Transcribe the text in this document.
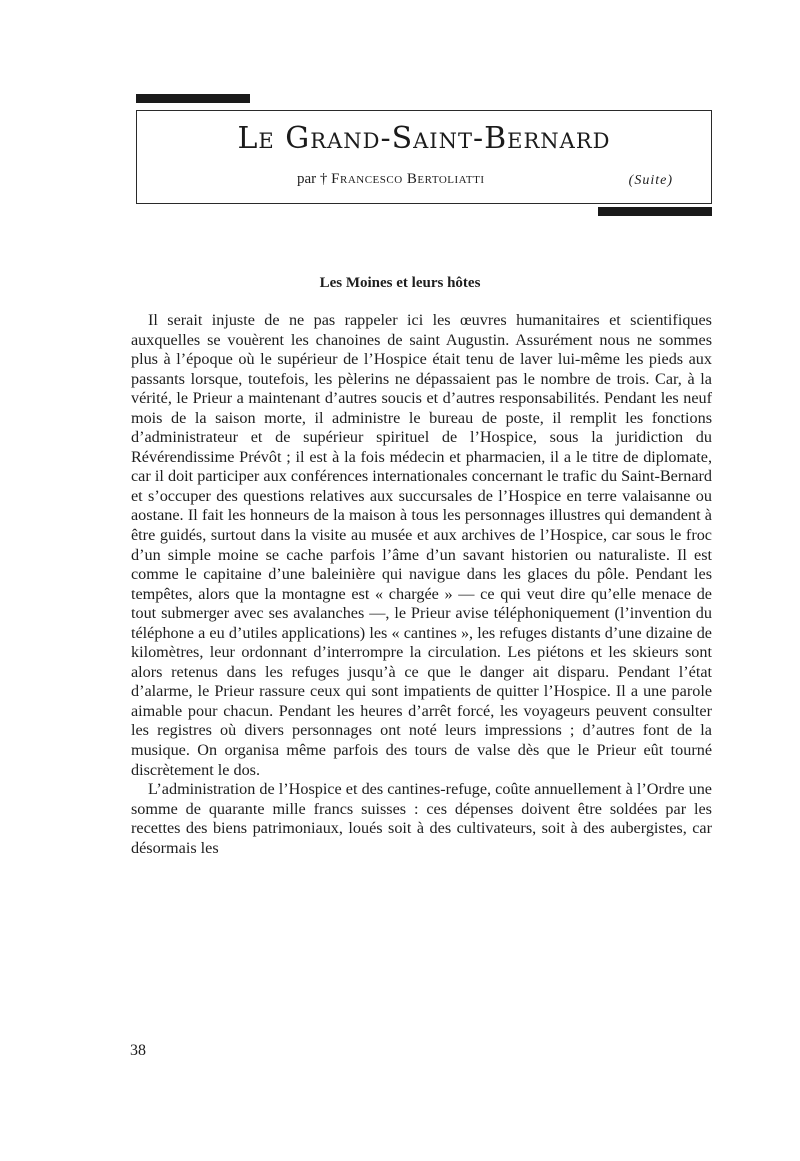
Le Grand-Saint-Bernard

par † Francesco Bertoliatti	(Suite)
Les Moines et leurs hôtes

Il serait injuste de ne pas rappeler ici les œuvres humanitaires et scientifiques auxquelles se vouèrent les chanoines de saint Augustin. Assurément nous ne sommes plus à l’époque où le supérieur de l’Hospice était tenu de laver lui-même les pieds aux passants lorsque, toutefois, les pèlerins ne dépassaient pas le nombre de trois. Car, à la vérité, le Prieur a maintenant d’autres soucis et d’autres responsabilités. Pendant les neuf mois de la saison morte, il administre le bureau de poste, il remplit les fonctions d’administrateur et de supérieur spirituel de l’Hospice, sous la juridiction du Révérendissime Prévôt ; il est à la fois médecin et pharmacien, il a le titre de diplomate, car il doit participer aux conférences internationales concernant le trafic du Saint-Bernard et s’occuper des questions relatives aux succursales de l’Hospice en terre valaisanne ou aostane. Il fait les honneurs de la maison à tous les personnages illustres qui demandent à être guidés, surtout dans la visite au musée et aux archives de l’Hospice, car sous le froc d’un simple moine se cache parfois l’âme d’un savant historien ou naturaliste. Il est comme le capitaine d’une baleinière qui navigue dans les glaces du pôle. Pendant les tempêtes, alors que la montagne est « chargée » — ce qui veut dire qu’elle menace de tout submerger avec ses avalanches —, le Prieur avise téléphoniquement (l’invention du téléphone a eu d’utiles applications) les « cantines », les refuges distants d’une dizaine de kilomètres, leur ordonnant d’interrompre la circulation. Les piétons et les skieurs sont alors retenus dans les refuges jusqu’à ce que le danger ait disparu. Pendant l’état d’alarme, le Prieur rassure ceux qui sont impatients de quitter l’Hospice. Il a une parole aimable pour chacun. Pendant les heures d’arrêt forcé, les voyageurs peuvent consulter les registres où divers personnages ont noté leurs impressions ; d’autres font de la musique. On organisa même parfois des tours de valse dès que le Prieur eût tourné discrètement le dos.

L’administration de l’Hospice et des cantines-refuge, coûte annuellement à l’Ordre une somme de quarante mille francs suisses : ces dépenses doivent être soldées par les recettes des biens patrimoniaux, loués soit à des cultivateurs, soit à des aubergistes, car désormais les

38
